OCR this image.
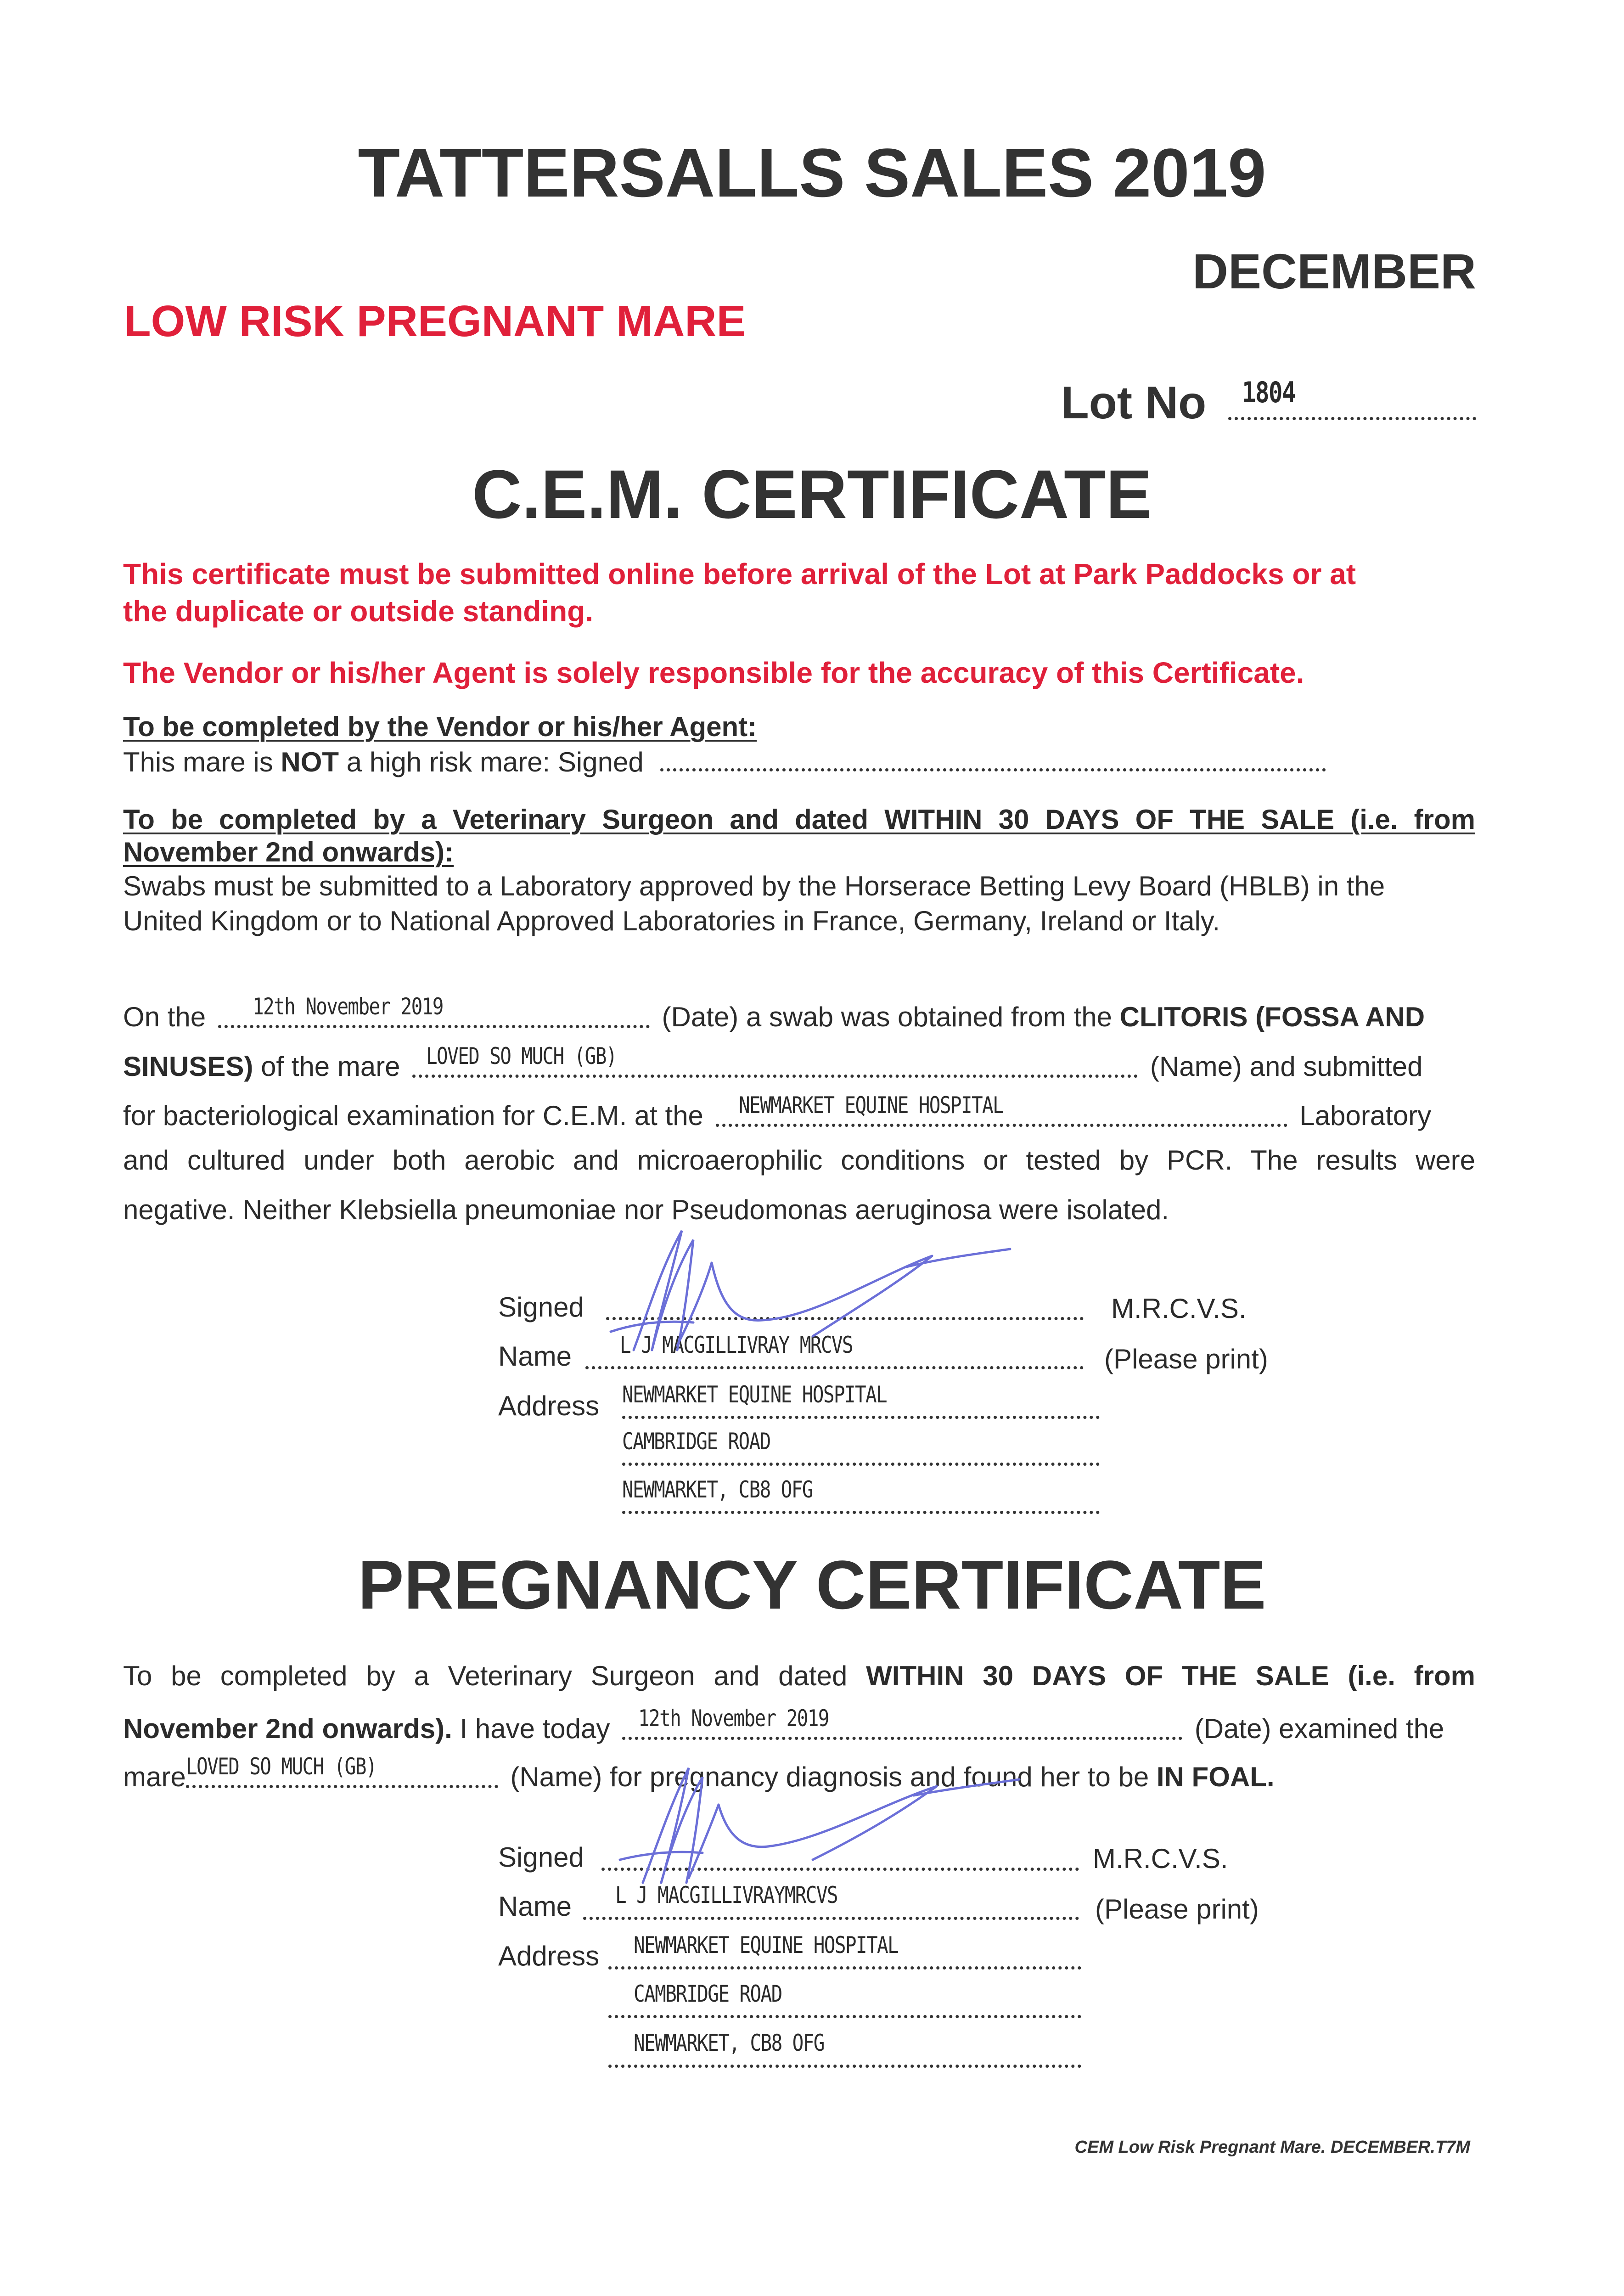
TATTERSALLS SALES 2019
DECEMBER
LOW RISK PREGNANT MARE
Lot No 1804
C.E.M. CERTIFICATE
This certificate must be submitted online before arrival of the Lot at Park Paddocks or at
the duplicate or outside standing.
The Vendor or his/her Agent is solely responsible for the accuracy of this Certificate.
To be completed by the Vendor or his/her Agent:
This mare is NOT a high risk mare: Signed
To be completed by a Veterinary Surgeon and dated WITHIN 30 DAYS OF THE SALE (i.e. from
November 2nd onwards):
Swabs must be submitted to a Laboratory approved by the Horserace Betting Levy Board (HBLB) in the
United Kingdom or to National Approved Laboratories in France, Germany, Ireland or Italy.
On the 12th November 2019	(Date) a swab was obtained from the CLITORIS (FOSSA AND
SINUSES) of the mare LOVED SO MUCH (GB)	(Name) and submitted
for bacteriological examination for C.E.M. at the NEWMARKET EQUINE HOSPITAL	Laboratory
and cultured under both aerobic and microaerophilic conditions or tested by PCR. The results were
negative. Neither Klebsiella pneumoniae nor Pseudomonas aeruginosa were isolated.
Signed	M.R.C.V.S.
Name L J MACGILLIVRAY MRCVS	(Please print)
Address NEWMARKET EQUINE HOSPITAL
CAMBRIDGE ROAD
NEWMARKET, CB8 OFG
PREGNANCY CERTIFICATE
To be completed by a Veterinary Surgeon and dated WITHIN 30 DAYS OF THE SALE (i.e. from
November 2nd onwards). I have today 12th November 2019	(Date) examined the
mare LOVED SO MUCH (GB)	(Name) for pregnancy diagnosis and found her to be IN FOAL.
Signed	M.R.C.V.S.
Name L J MACGILLIVRAYMRCVS	(Please print)
Address NEWMARKET EQUINE HOSPITAL
CAMBRIDGE ROAD
NEWMARKET, CB8 OFG
CEM Low Risk Pregnant Mare. DECEMBER.T7M
